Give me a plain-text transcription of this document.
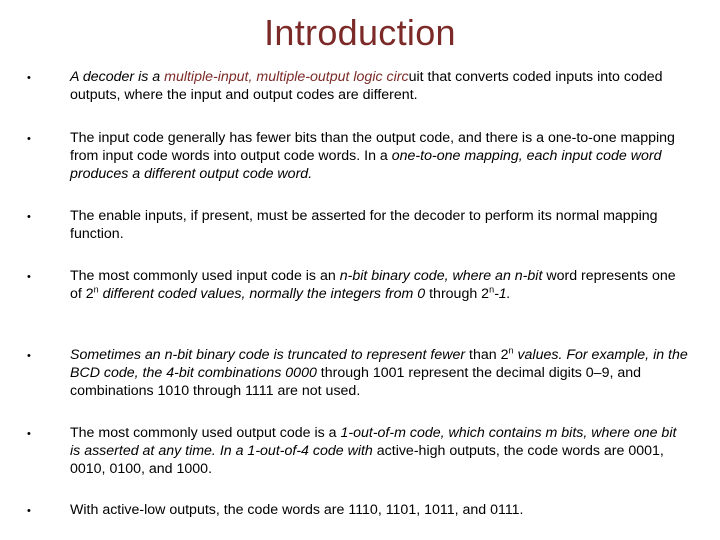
Introduction
•	A decoder is a multiple-input, multiple-output logic circuit that converts coded inputs into coded outputs, where the input and output codes are different.
•	The input code generally has fewer bits than the output code, and there is a one-to-one mapping from input code words into output code words. In a one-to-one mapping, each input code word produces a different output code word.
•	The enable inputs, if present, must be asserted for the decoder to perform its normal mapping function.
•	The most commonly used input code is an n-bit binary code, where an n-bit word represents one of 2$^n$ different coded values, normally the integers from 0 through 2$^n$-1.
•	Sometimes an n-bit binary code is truncated to represent fewer than 2$^n$ values. For example, in the BCD code, the 4-bit combinations 0000 through 1001 represent the decimal digits 0–9, and combinations 1010 through 1111 are not used.
•	The most commonly used output code is a 1-out-of-m code, which contains m bits, where one bit is asserted at any time. In a 1-out-of-4 code with active-high outputs, the code words are 0001, 0010, 0100, and 1000.
•	With active-low outputs, the code words are 1110, 1101, 1011, and 0111.
